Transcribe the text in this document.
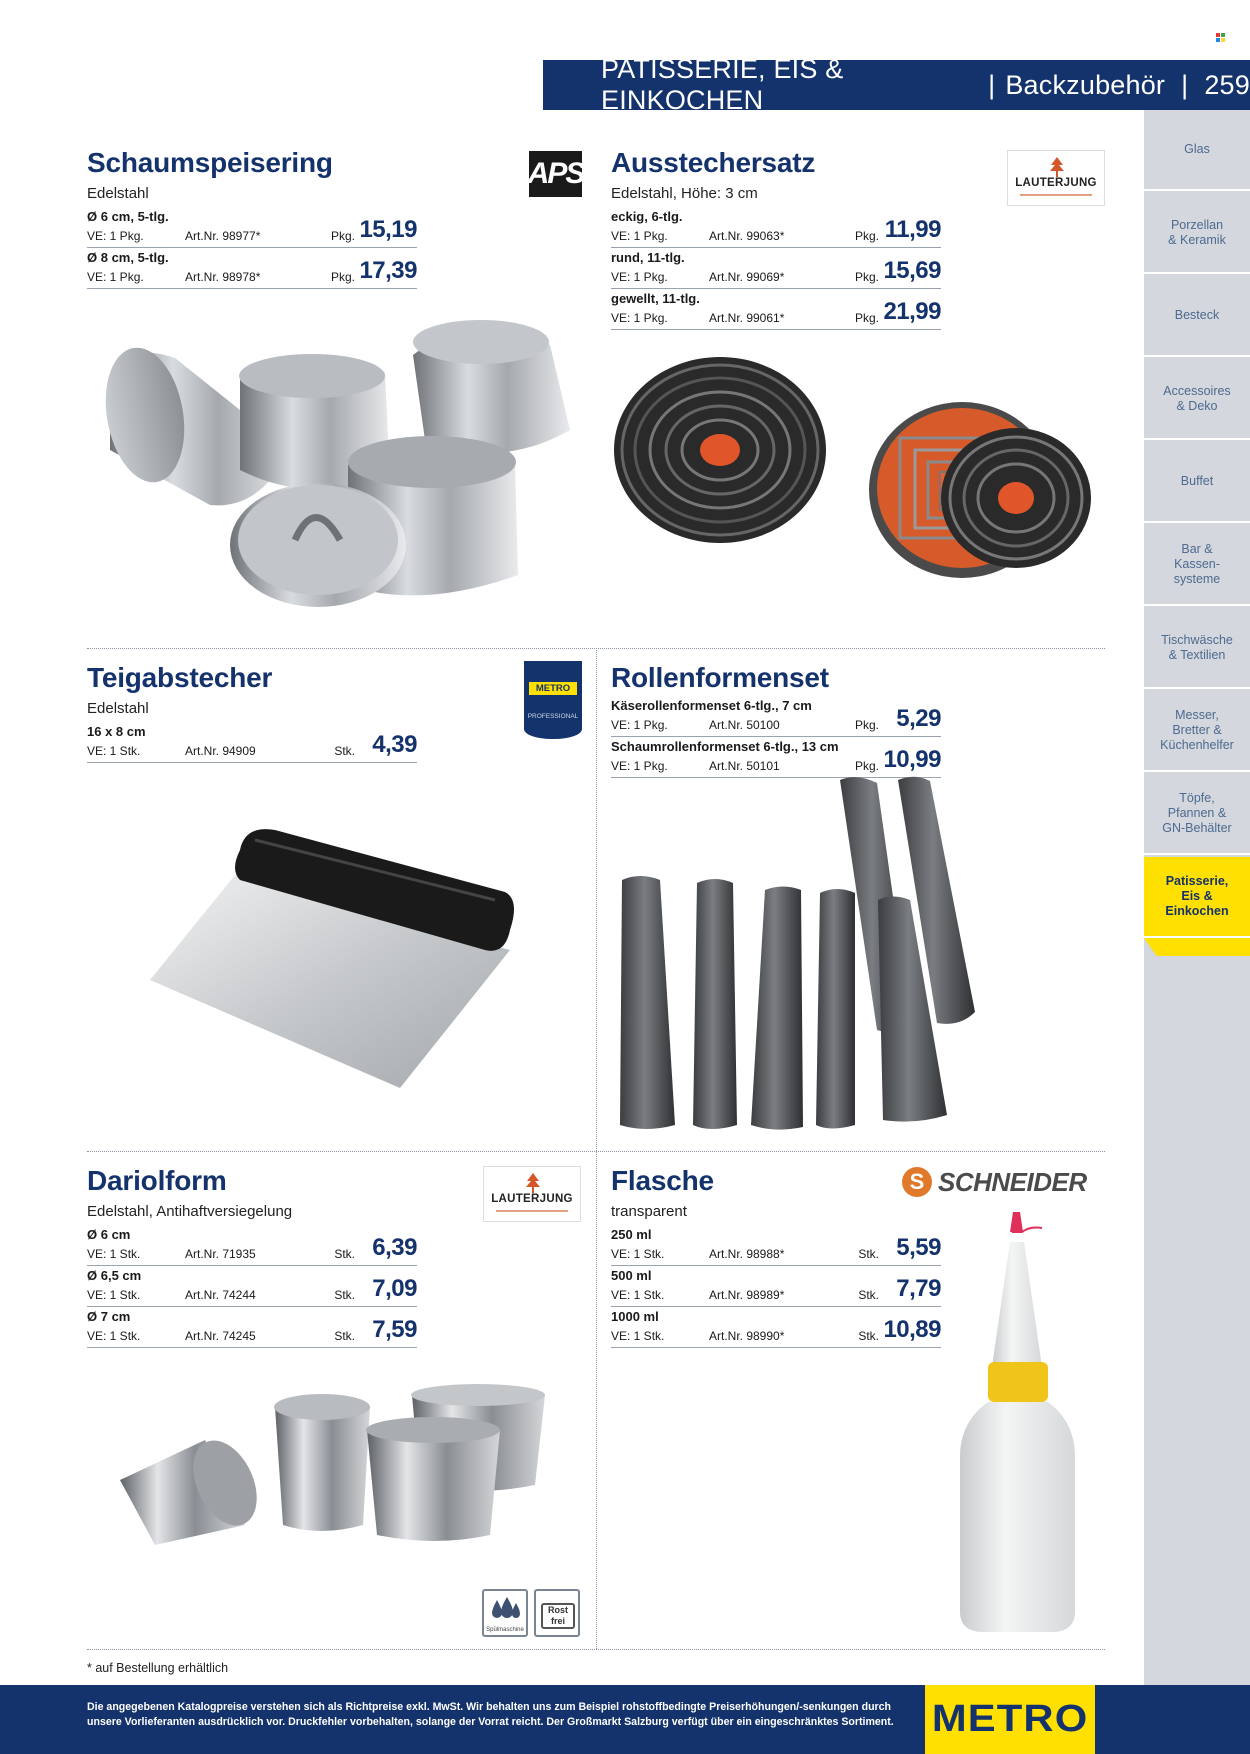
PATISSERIE, EIS & EINKOCHEN
| Backzubehör | 259
Glas
Porzellan
& Keramik
Besteck
Accessoires
& Deko
Buffet
Bar &
Kassen-
systeme
Tischwäsche
& Textilien
Messer,
Bretter &
Küchenhelfer
Töpfe,
Pfannen &
GN-Behälter
Patisserie,
Eis &
Einkochen
Schaumspeisering
Edelstahl
Ø 6 cm, 5-tlg.
VE: 1 Pkg.	Art.Nr. 98977*	Pkg. 15,19
Ø 8 cm, 5-tlg.
VE: 1 Pkg.	Art.Nr. 98978*	Pkg. 17,39
APS Ausstechersatz
Edelstahl, Höhe: 3 cm
eckig, 6-tlg.
VE: 1 Pkg.	Art.Nr. 99063*	Pkg. 11,99
rund, 11-tlg.
VE: 1 Pkg.	Art.Nr. 99069*	Pkg. 15,69
gewellt, 11-tlg.
VE: 1 Pkg.	Art.Nr. 99061*	Pkg. 21,99
LAUTERJUNG
Teigabstecher
Edelstahl
16 x 8 cm
VE: 1 Stk.	Art.Nr. 94909	Stk. 4,39
METRO
PROFESSIONAL
Rollenformenset
Käserollenformenset 6-tlg., 7 cm
VE: 1 Pkg.	Art.Nr. 50100	Pkg. 5,29
Schaumrollenformenset 6-tlg., 13 cm
VE: 1 Pkg.	Art.Nr. 50101	Pkg. 10,99
Dariolform
Edelstahl, Antihaftversiegelung
Ø 6 cm
VE: 1 Stk.	Art.Nr. 71935	Stk. 6,39
Ø 6,5 cm
VE: 1 Stk.	Art.Nr. 74244	Stk. 7,09
Ø 7 cm
VE: 1 Stk.	Art.Nr. 74245	Stk. 7,59
LAUTERJUNG
Spülmaschine
Rost frei
Flasche
transparent
250 ml
VE: 1 Stk.	Art.Nr. 98988*	Stk. 5,59
500 ml
VE: 1 Stk.	Art.Nr. 98989*	Stk. 7,79
1000 ml
VE: 1 Stk.	Art.Nr. 98990*	Stk. 10,89
S SCHNEIDER
* auf Bestellung erhältlich
Die angegebenen Katalogpreise verstehen sich als Richtpreise exkl. MwSt. Wir behalten uns zum Beispiel rohstoffbedingte Preiserhöhungen/-senkungen durch unsere Vorlieferanten ausdrücklich vor. Druckfehler vorbehalten, solange der Vorrat reicht. Der Großmarkt Salzburg verfügt über ein eingeschränktes Sortiment.	METRO
